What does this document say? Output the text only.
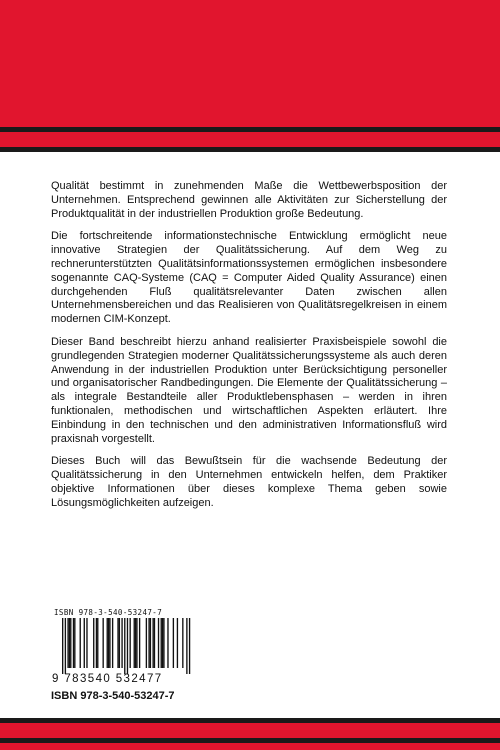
Qualität bestimmt in zunehmenden Maße die Wettbewerbsposition der Unternehmen. Entsprechend gewinnen alle Aktivitäten zur Sicherstellung der Produktqualität in der industriellen Produktion große Bedeutung.

Die fortschreitende informationstechnische Entwicklung ermöglicht neue innovative Strategien der Qualitätssicherung. Auf dem Weg zu rechnerunterstützten Qualitätsinformationssystemen ermöglichen insbesondere sogenannte CAQ-Systeme (CAQ = Computer Aided Quality Assurance) einen durchgehenden Fluß qualitätsrelevanter Daten zwischen allen Unternehmensbereichen und das Realisieren von Qualitätsregelkreisen in einem modernen CIM-Konzept.

Dieser Band beschreibt hierzu anhand realisierter Praxisbeispiele sowohl die grundlegenden Strategien moderner Qualitätssicherungssysteme als auch deren Anwendung in der industriellen Produktion unter Berücksichtigung personeller und organisatorischer Randbedingungen. Die Elemente der Qualitätssicherung – als integrale Bestandteile aller Produktlebensphasen – werden in ihren funktionalen, methodischen und wirtschaftlichen Aspekten erläutert. Ihre Einbindung in den technischen und den administrativen Informationsfluß wird praxisnah vorgestellt.

Dieses Buch will das Bewußtsein für die wachsende Bedeutung der Qualitätssicherung in den Unternehmen entwickeln helfen, dem Praktiker objektive Informationen über dieses komplexe Thema geben sowie Lösungsmöglichkeiten aufzeigen.

ISBN 978-3-540-53247-7
9 783540 532477
ISBN 978-3-540-53247-7
